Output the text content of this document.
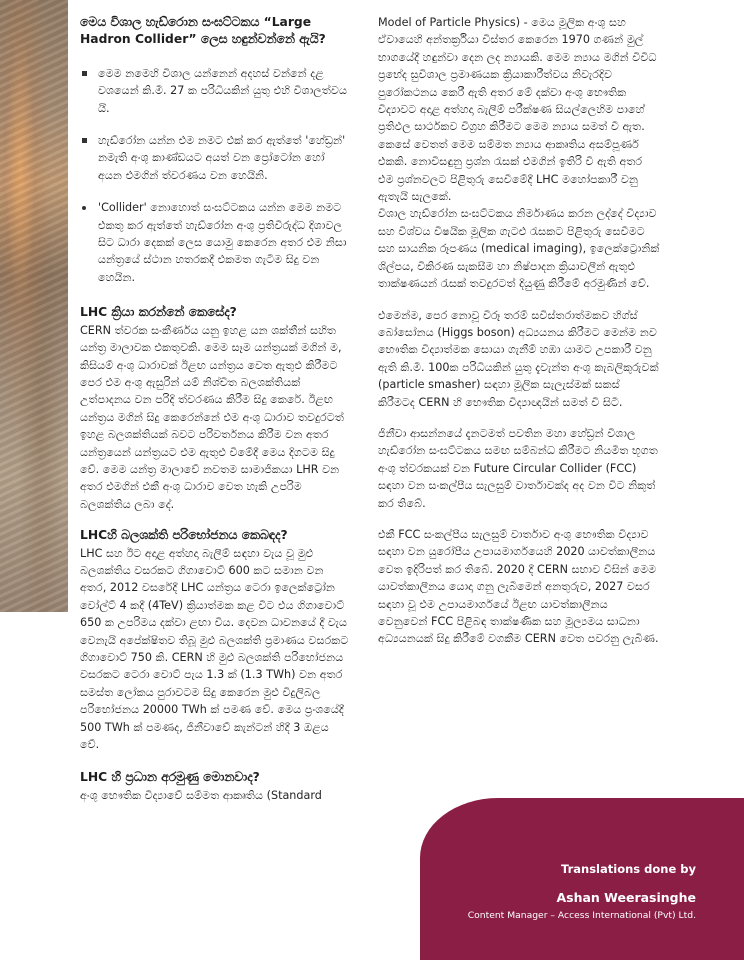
මෙය විශාල හැඩ්රොන සංඝට්ටකය “Large Hadron Collider” ලෙස හඳුන්වන්නේ ඇයි?
මෙම නමෙහි විශාල යන්නෙන් අදහස් වන්නේ දළ වශයෙන් කි.මී. 27 ක පරිධියකින් යුතු එහි විශාලත්වය යි.
හැඩ්රෝන යන්න එම නමට එක් කර ඇත්තේ 'හේඩ්‍රන්' නමැති අංශු කාණ්ඩයට අයත් වන ප්‍රෝටෝන හෝ අයන එමගින් ත්වරණය වන හෙයිනි.
'Collider' නොහොත් සංඝට්ටකය යන්න මෙම නමට එකතු කර ඇත්තේ හැඩ්රෝන අංශු ප්‍රතිවිරුද්ධ දිශාවල සිට ධාරා දෙකක් ලෙස යොමු කෙරෙන අතර එම නිසා යන්ත්‍රයේ ස්ථාන හතරකදී එකමත ගැටීම සිදු වන හෙයින.
LHC ක්‍රියා කරන්නේ කෙසේද?

CERN ත්වරක සංකීර්ණය යනු ඉහළ යන ශක්තීන් සහිත යන්ත්‍ර මාලාවක එකතුවකි. මෙම සෑම යන්ත්‍රයක් මගින් ම, කිසියම් අංශු ධාරාවක් ඊළඟ යන්ත්‍රය වෙත ඇතුළු කිරීමට පෙර එම අංශු ඇසුරින් යම් නිශ්චිත බලශක්තියක් උත්පාදනය වන පරිදි ත්වරණය කිරීම සිදු කෙරේ. ඊළඟ යන්ත්‍රය මගින් සිදු කෙරෙන්නේ එම අංශු ධාරාව තවදුරටත් ඉහළ බලශක්තියක් බවට පරිවර්තනය කිරීම වන අතර යන්ත්‍රයෙන් යන්ත්‍රයට එම ඇතුළු වීමේදී මෙය දිගටම සිදු වේ. මෙම යන්ත්‍ර මාලාවේ නවතම සාමාජිකයා LHR වන අතර එමගින් එකී අංශු ධාරාව වෙත හැකි උපරිම බලශක්තිය ලබා දේ.

LHCහි බලශක්ති පරිභෝජනය කෙබඳද?

LHC සහ ඊට අදාළ අත්හදා බැලීම් සඳහා වැය වූ මුළු බලශක්තිය වසරකට ගිගාවොට් 600 කට සමාන වන අතර, 2012 වසරේදී LHC යන්ත්‍රය ටෙරා ඉලෙක්ට්‍රෝන වෝල්ට් 4 කදී (4TeV) ක්‍රියාත්මක කළ විට එය ගිගාවොට් 650 ක උපරිමය දක්වා ළඟා විය. දෙවන ධාවනයේ දී වැය වෙනැයි අපේක්ෂිතව තිබූ මුළු බලශක්ති ප්‍රමාණය වසරකට ගිගාවොට් 750 කි. CERN හි මුළු බලශක්ති පරිභෝජනය වසරකට ටෙරා වොට් පැය 1.3 ක් (1.3 TWh) වන අතර සමස්ත ලෝකය පුරාවටම සිදු කෙරෙන මුළු විදුලිබල පරිභෝජනය 20000 TWh ක් පමණ වේ. මෙය ප්‍රංශයේදී 500 TWh ක් පමණද, ජිනීවාවේ කැන්ටන් හිදී 3 ඔළය වේ.

LHC හි ප්‍රධාන අරමුණු මොනවාද?

අංශු භෞතික විද්‍යාවේ සම්මත ආකෘතිය (Standard

Model of Particle Physics) - මෙය මූලික අංශු සහ ඒවායෙහි අන්තර්ක්‍රියා විස්තර කෙරෙන 1970 ගණන් මුල් භාගයේදී හඳුන්වා දෙන ලද න්‍යායකි. මෙම න්‍යාය මගින් විවිධ ප්‍රභේද සුවිශාල ප්‍රමාණයක ක්‍රියාකාරීත්වය නිවැරදිව පුරෝකථනය කෙරී ඇති අතර මේ දක්වා අංශු භෞතික විද්‍යාවට අදාළ අත්හදා බැලීම් පරීක්ෂණ සියල්ලෙහිම පාහේ ප්‍රතිඵල සාර්ථකව විග්‍රහ කිරීමට මෙම න්‍යාය සමත් වී ඇත. කෙසේ වෙතත් මෙම සම්මත න්‍යාය ආකෘතිය අසම්පූර්ණ එකකි. නොවිසඳුනු ප්‍රශ්න රැසක් එමගින් ඉතිරි වී ඇති අතර එම ප්‍රශ්නවලට පිළිතුරු සෙවීමේදී LHC මහෝපකාරී වනු ඇතැයි සැලකේ.

විශාල හැඩ්රෝන සංඝට්ටකය නිර්මාණය කරන ලද්දේ විද්‍යාව සහ විශ්වය විෂයික මූලික ගැටළු රැසකට පිළිතුරු සෙවීමට සහ සායනික රූපණය (medical imaging), ඉලෙක්ට්‍රොනික් ශිල්පය, විකිරණ සැකසීම හා නිෂ්පාදන ක්‍රියාවලීන් ඇතුළු තාක්ෂණයන් රැසක් තවදුරටත් දියුණු කිරීමේ අරමුණින් වේ.

එමෙන්ම, පෙර නොවූ විරූ තරම් සවිස්තරාත්මකව හිග්ස් බෝසෝනය (Higgs boson) අධ්‍යයනය කිරීමට මෙන්ම නව භෞතික විද්‍යාත්මක සොයා ගැනීම් හඹා යාමට උපකාරී වනු ඇති කි.මී. 100ක පරිධියකින් යුතු දැවැන්ත අංශු කැබලිකුරුවක් (particle smasher) සඳහා මූලික සැලැස්මක් සකස් කිරීමටද CERN හි භෞතික විද්‍යාඥයින් සමත් වී සිටී.

ජිනීවා ආසන්නයේ දැනටමත් පවතින මහා හේඩ්‍රන් විශාල හැඩ්රෝන සංඝට්ටකය සමඟ සම්බන්ධ කිරීමට නියමිත භූගත අංශු ත්වරකයක් වන Future Circular Collider (FCC) සඳහා වන සංකල්පීය සැලසුම් වාර්තාවක්ද අද වන විට නිකුත් කර තිබේ.

එකී FCC සංකල්පීය සැලසුම් වාර්තාව අංශු භෞතික විද්‍යාව සඳහා වන යුරෝපීය උපායමාර්ගයෙහි 2020 යාවත්කාලීනය වෙත ඉදිරිපත් කර තිබේ. 2020 දී CERN සභාව විසින් මෙම යාවත්කාලීනය යොදා ගනු ලැබීමෙන් අනතුරුව, 2027 වසර සඳහා වූ එම උපායමාර්ගයේ ඊළඟ යාවත්කාලීනය වෙනුවෙන් FCC පිළිබඳ තාක්ෂණික සහ මූල්‍යමය සාධනා අධ්‍යයනයක් සිදු කිරීමේ වගකීම CERN වෙත පවරනු ලැබිණ.

Translations done by
Ashan Weerasinghe
Content Manager – Access International (Pvt) Ltd.
